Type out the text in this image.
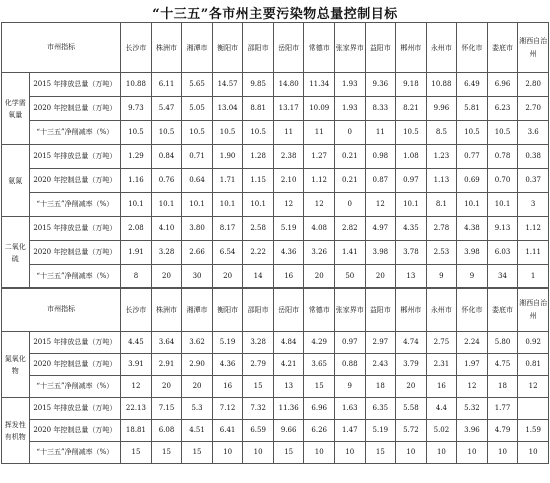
“十三五”各市州主要污染物总量控制目标
市州指标		长沙市	株洲市	湘潭市	衡阳市	邵阳市	岳阳市	常德市	张家界市	益阳市	郴州市	永州市	怀化市	娄底市	湘西自治州
化学需氧量	2015 年排放总量（万吨）	10.88	6.11	5.65	14.57	9.85	14.80	11.34	1.93	9.36	9.18	10.88	6.49	6.96	2.80
	2020 年控制总量（万吨）	9.73	5.47	5.05	13.04	8.81	13.17	10.09	1.93	8.33	8.21	9.96	5.81	6.23	2.70
	“十三五”净削减率（%）	10.5	10.5	10.5	10.5	10.5	11	11	0	11	10.5	8.5	10.5	10.5	3.6
氨氮	2015 年排放总量（万吨）	1.29	0.84	0.71	1.90	1.28	2.38	1.27	0.21	0.98	1.08	1.23	0.77	0.78	0.38
	2020 年控制总量（万吨）	1.16	0.76	0.64	1.71	1.15	2.10	1.12	0.21	0.87	0.97	1.13	0.69	0.70	0.37
	“十三五”净削减率（%）	10.1	10.1	10.1	10.1	10.1	12	12	0	12	10.1	8.1	10.1	10.1	3
二氧化硫	2015 年排放总量（万吨）	2.08	4.10	3.80	8.17	2.58	5.19	4.08	2.82	4.97	4.35	2.78	4.38	9.13	1.12
	2020 年控制总量（万吨）	1.91	3.28	2.66	6.54	2.22	4.36	3.26	1.41	3.98	3.78	2.53	3.98	6.03	1.11
	“十三五”净削减率（%）	8	20	30	20	14	16	20	50	20	13	9	9	34	1
市州指标		长沙市	株洲市	湘潭市	衡阳市	邵阳市	岳阳市	常德市	张家界市	益阳市	郴州市	永州市	怀化市	娄底市	湘西自治州
氮氧化物	2015 年排放总量（万吨）	4.45	3.64	3.62	5.19	3.28	4.84	4.29	0.97	2.97	4.74	2.75	2.24	5.80	0.92
	2020 年控制总量（万吨）	3.91	2.91	2.90	4.36	2.79	4.21	3.65	0.88	2.43	3.79	2.31	1.97	4.75	0.81
	“十三五”净削减率（%）	12	20	20	16	15	13	15	9	18	20	16	12	18	12
挥发性有机物	2015 年排放总量（万吨）	22.13	7.15	5.3	7.12	7.32	11.36	6.96	1.63	6.35	5.58	4.4	5.32	1.77	
	2020 年控制总量（万吨）	18.81	6.08	4.51	6.41	6.59	9.66	6.26	1.47	5.19	5.72	5.02	3.96	4.79	1.59
	“十三五”净削减率（%）	15	15	15	10	10	15	10	10	15	10	10	10	10	10
